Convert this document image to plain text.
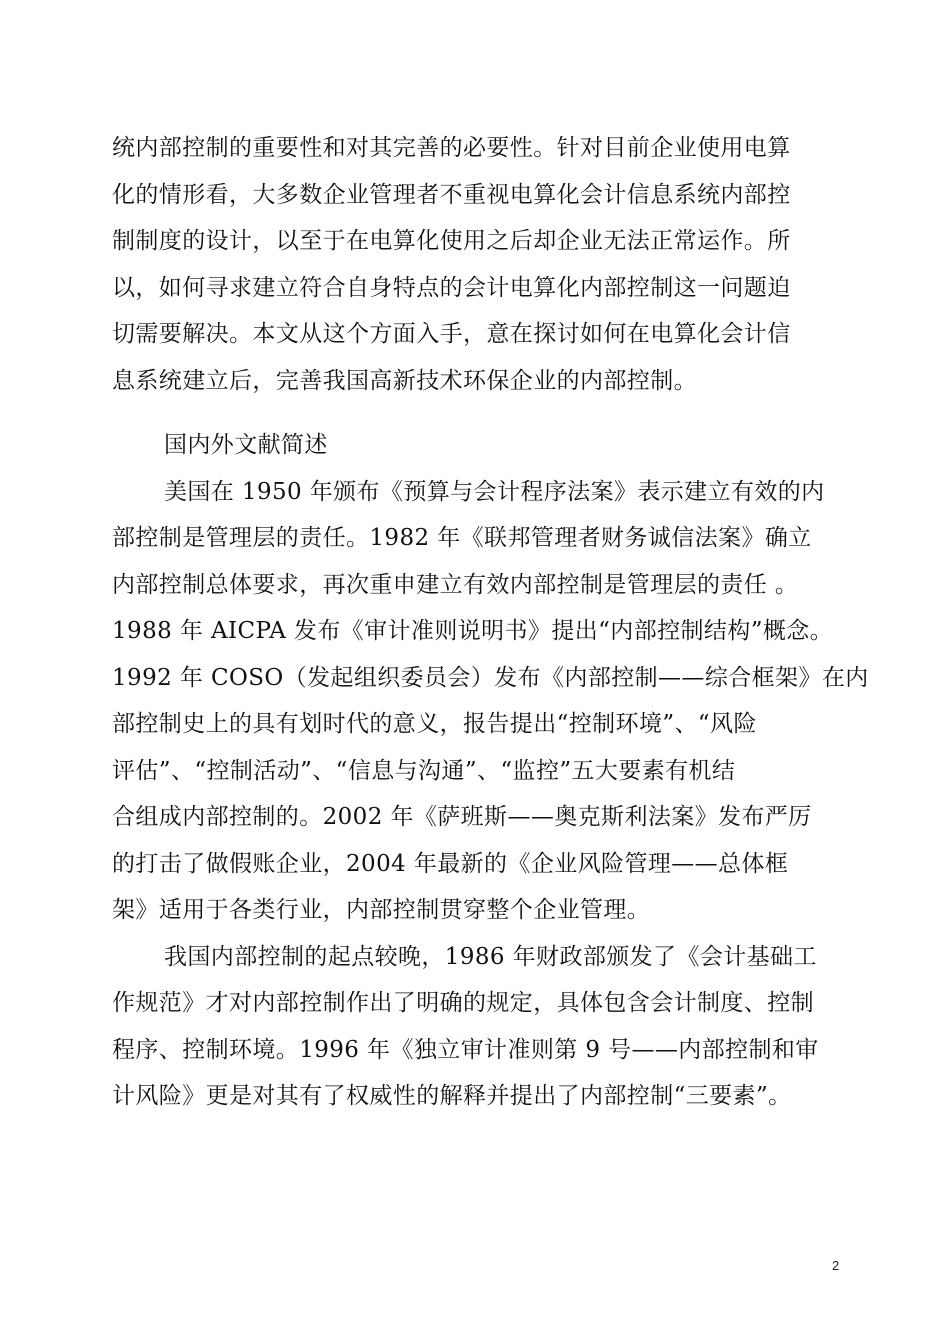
统内部控制的重要性和对其完善的必要性。针对目前企业使用电算
化的情形看，大多数企业管理者不重视电算化会计信息系统内部控
制制度的设计，以至于在电算化使用之后却企业无法正常运作。所
以，如何寻求建立符合自身特点的会计电算化内部控制这一问题迫
切需要解决。本文从这个方面入手，意在探讨如何在电算化会计信
息系统建立后，完善我国高新技术环保企业的内部控制。
国内外文献简述
美国在 1950 年颁布《预算与会计程序法案》表示建立有效的内
部控制是管理层的责任。1982 年《联邦管理者财务诚信法案》确立
内部控制总体要求，再次重申建立有效内部控制是管理层的责任 。
1988 年 AICPA 发布《审计准则说明书》提出“内部控制结构”概念。
1992 年 COSO（发起组织委员会）发布《内部控制——综合框架》在内
部控制史上的具有划时代的意义，报告提出“控制环境”、“风险
评估”、“控制活动”、“信息与沟通”、“监控”五大要素有机结
合组成内部控制的。2002 年《萨班斯——奥克斯利法案》发布严厉
的打击了做假账企业，2004 年最新的《企业风险管理——总体框
架》适用于各类行业，内部控制贯穿整个企业管理。
我国内部控制的起点较晚，1986 年财政部颁发了《会计基础工
作规范》才对内部控制作出了明确的规定，具体包含会计制度、控制
程序、控制环境。1996 年《独立审计准则第 9 号——内部控制和审
计风险》更是对其有了权威性的解释并提出了内部控制“三要素”。
2
